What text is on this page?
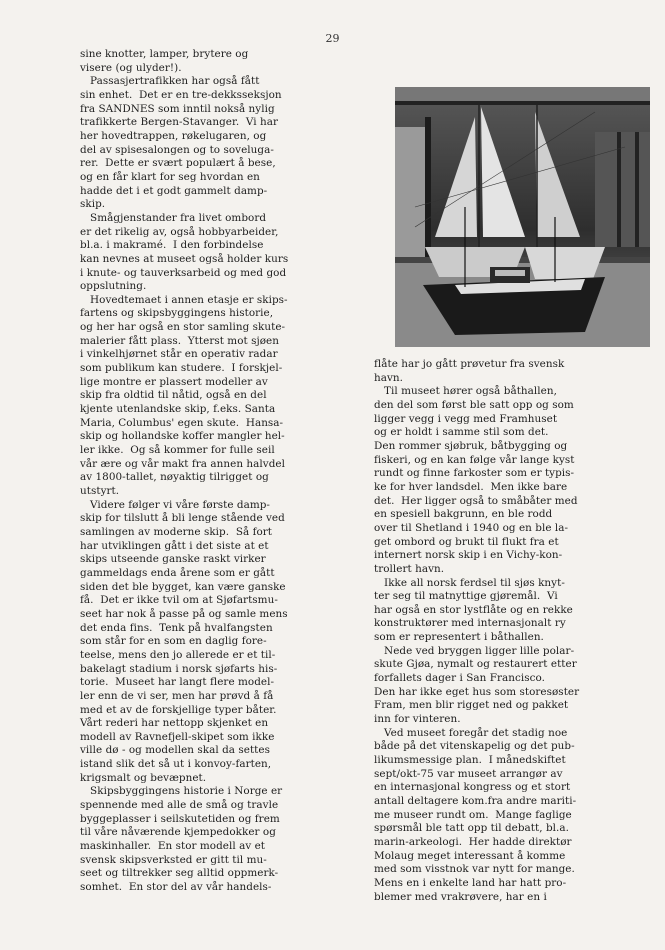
29
sine knotter, lamper, brytere og
visere (og ulyder!).
Passasjertrafikken har også fått
sin enhet.  Det er en tre-dekksseksjon
fra SANDNES som inntil nokså nylig
trafikkerte Bergen-Stavanger.  Vi har
her hovedtrappen, røkelugaren, og
del av spisesalongen og to soveluga-
rer.  Dette er svært populært å bese,
og en får klart for seg hvordan en
hadde det i et godt gammelt damp-
skip.
Smågjenstander fra livet ombord
er det rikelig av, også hobbyarbeider,
bl.a. i makramé.  I den forbindelse
kan nevnes at museet også holder kurs
i knute- og tauverksarbeid og med god
oppslutning.
Hovedtemaet i annen etasje er skips-
fartens og skipsbyggingens historie,
og her har også en stor samling skute-
malerier fått plass.  Ytterst mot sjøen
i vinkelhjørnet står en operativ radar
som publikum kan studere.  I forskjel-
lige montre er plassert modeller av
skip fra oldtid til nåtid, også en del
kjente utenlandske skip, f.eks. Santa
Maria, Columbus' egen skute.  Hansa-
skip og hollandske koffer mangler hel-
ler ikke.  Og så kommer for fulle seil
vår ære og vår makt fra annen halvdel
av 1800-tallet, nøyaktig tilrigget og
utstyrt.
Videre følger vi våre første damp-
skip for tilslutt å bli lenge stående ved
samlingen av moderne skip.  Så fort
har utviklingen gått i det siste at et
skips utseende ganske raskt virker
gammeldags enda årene som er gått
siden det ble bygget, kan være ganske
få.  Det er ikke tvil om at Sjøfartsmu-
seet har nok å passe på og samle mens
det enda fins.  Tenk på hvalfangsten
som står for en som en daglig fore-
teelse, mens den jo allerede er et til-
bakelagt stadium i norsk sjøfarts his-
torie.  Museet har langt flere model-
ler enn de vi ser, men har prøvd å få
med et av de forskjellige typer båter.
Vårt rederi har nettopp skjenket en
modell av Ravnefjell-skipet som ikke
ville dø - og modellen skal da settes
istand slik det så ut i konvoy-farten,
krigsmalt og bevæpnet.
Skipsbyggingens historie i Norge er
spennende med alle de små og travle
byggeplasser i seilskutetiden og frem
til våre nåværende kjempedokker og
maskinhaller.  En stor modell av et
svensk skipsverksted er gitt til mu-
seet og tiltrekker seg alltid oppmerk-
somhet.  En stor del av vår handels-
flåte har jo gått prøvetur fra svensk
havn.
Til museet hører også båthallen,
den del som først ble satt opp og som
ligger vegg i vegg med Framhuset
og er holdt i samme stil som det.
Den rommer sjøbruk, båtbygging og
fiskeri, og en kan følge vår lange kyst
rundt og finne farkoster som er typis-
ke for hver landsdel.  Men ikke bare
det.  Her ligger også to småbåter med
en spesiell bakgrunn, en ble rodd
over til Shetland i 1940 og en ble la-
get ombord og brukt til flukt fra et
internert norsk skip i en Vichy-kon-
trollert havn.
Ikke all norsk ferdsel til sjøs knyt-
ter seg til matnyttige gjøremål.  Vi
har også en stor lystflåte og en rekke
konstruktører med internasjonalt ry
som er representert i båthallen.
Nede ved bryggen ligger lille polar-
skute Gjøa, nymalt og restaurert etter
forfallets dager i San Francisco.
Den har ikke eget hus som storesøster
Fram, men blir rigget ned og pakket
inn for vinteren.
Ved museet foregår det stadig noe
både på det vitenskapelig og det pub-
likumsmessige plan.  I månedskiftet
sept/okt-75 var museet arrangør av
en internasjonal kongress og et stort
antall deltagere kom.fra andre mariti-
me museer rundt om.  Mange faglige
spørsmål ble tatt opp til debatt, bl.a.
marin-arkeologi.  Her hadde direktør
Molaug meget interessant å komme
med som visstnok var nytt for mange.
Mens en i enkelte land har hatt pro-
blemer med vrakrøvere, har en i
